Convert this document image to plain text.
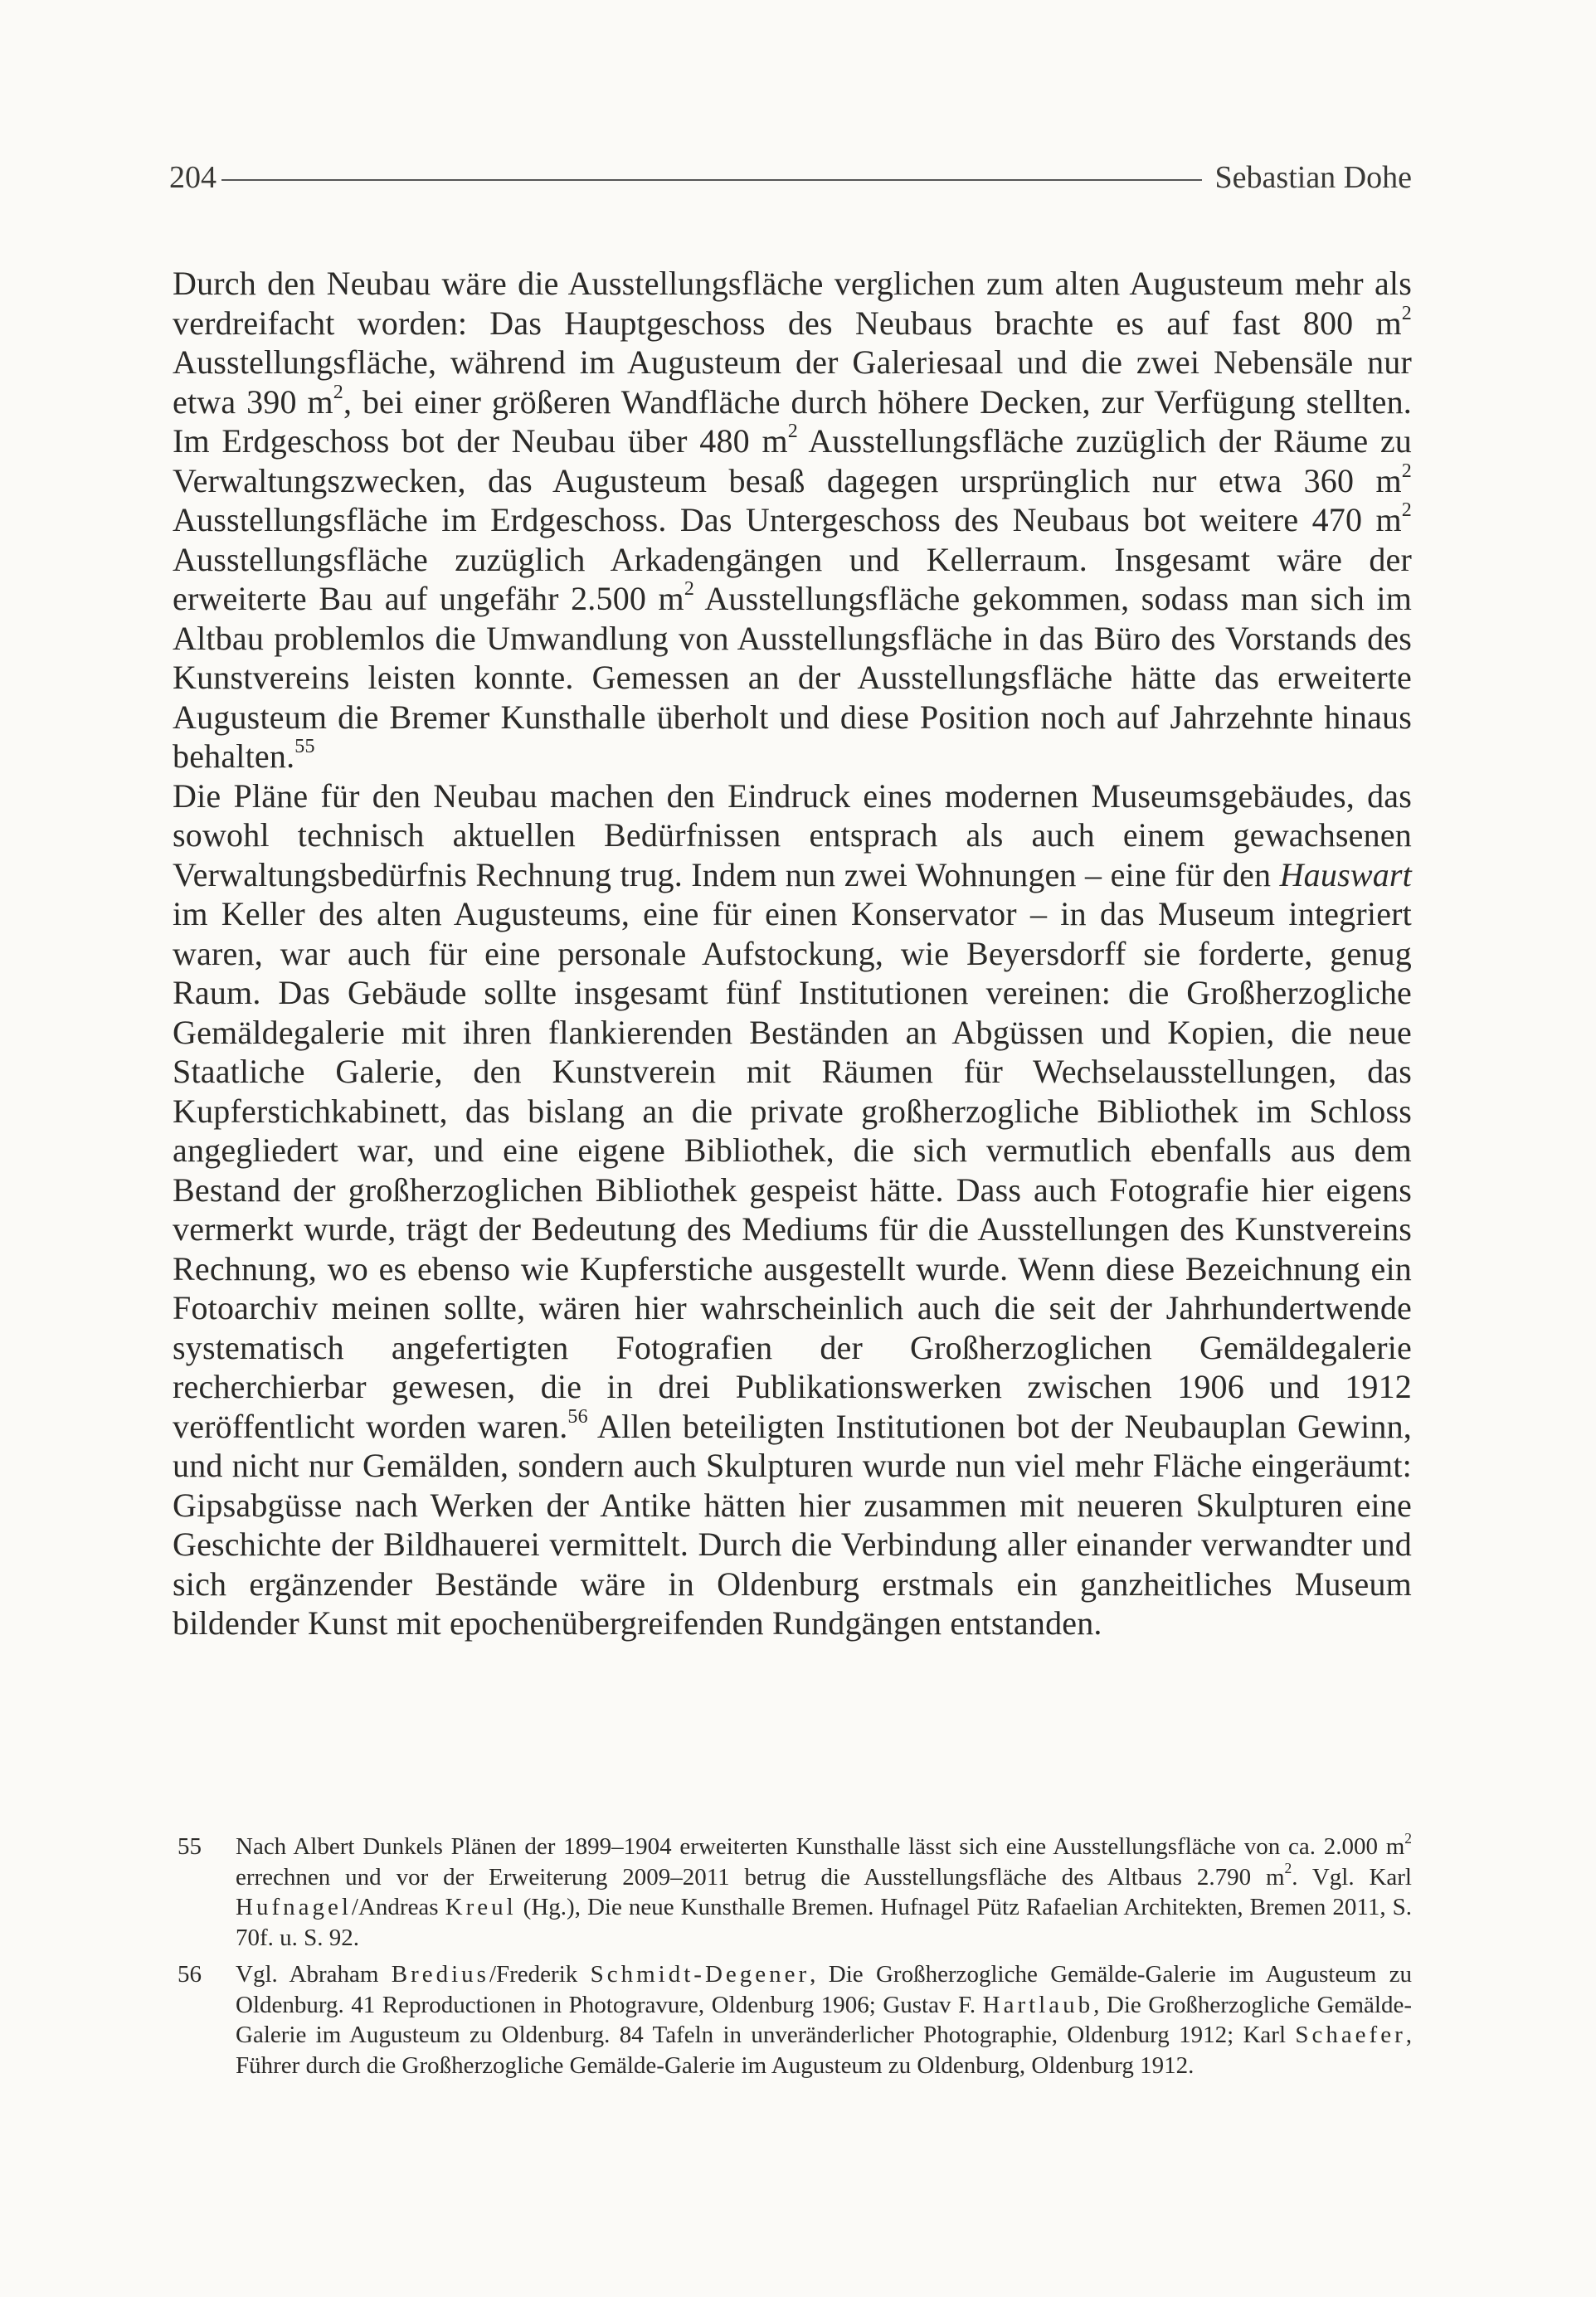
204	Sebastian Dohe

Durch den Neubau wäre die Ausstellungsfläche verglichen zum alten Augusteum mehr als verdreifacht worden: Das Hauptgeschoss des Neubaus brachte es auf fast 800 $m^2$ Ausstellungsfläche, während im Augusteum der Galeriesaal und die zwei Nebensäle nur etwa 390 $m^2$, bei einer größeren Wandfläche durch höhere Decken, zur Verfügung stellten. Im Erdgeschoss bot der Neubau über 480 $m^2$ Ausstellungsfläche zuzüglich der Räume zu Verwaltungszwecken, das Augusteum besaß dagegen ursprünglich nur etwa 360 $m^2$ Ausstellungsfläche im Erdgeschoss. Das Untergeschoss des Neubaus bot weitere 470 $m^2$ Ausstellungsfläche zuzüglich Arkadengängen und Kellerraum. Insgesamt wäre der erweiterte Bau auf ungefähr 2.500 $m^2$ Ausstellungsfläche gekommen, sodass man sich im Altbau problemlos die Umwandlung von Ausstellungsfläche in das Büro des Vorstands des Kunstvereins leisten konnte. Gemessen an der Ausstellungsfläche hätte das erweiterte Augusteum die Bremer Kunsthalle überholt und diese Position noch auf Jahrzehnte hinaus behalten.$^{55}$

Die Pläne für den Neubau machen den Eindruck eines modernen Museumsgebäudes, das sowohl technisch aktuellen Bedürfnissen entsprach als auch einem gewachsenen Verwaltungsbedürfnis Rechnung trug. Indem nun zwei Wohnungen – eine für den Hauswart im Keller des alten Augusteums, eine für einen Konservator – in das Museum integriert waren, war auch für eine personale Aufstockung, wie Beyersdorff sie forderte, genug Raum. Das Gebäude sollte insgesamt fünf Institutionen vereinen: die Großherzogliche Gemäldegalerie mit ihren flankierenden Beständen an Abgüssen und Kopien, die neue Staatliche Galerie, den Kunstverein mit Räumen für Wechselausstellungen, das Kupferstichkabinett, das bislang an die private großherzogliche Bibliothek im Schloss angegliedert war, und eine eigene Bibliothek, die sich vermutlich ebenfalls aus dem Bestand der großherzoglichen Bibliothek gespeist hätte. Dass auch Fotografie hier eigens vermerkt wurde, trägt der Bedeutung des Mediums für die Ausstellungen des Kunstvereins Rechnung, wo es ebenso wie Kupferstiche ausgestellt wurde. Wenn diese Bezeichnung ein Fotoarchiv meinen sollte, wären hier wahrscheinlich auch die seit der Jahrhundertwende systematisch angefertigten Fotografien der Großherzoglichen Gemäldegalerie recherchierbar gewesen, die in drei Publikationswerken zwischen 1906 und 1912 veröffentlicht worden waren.$^{56}$ Allen beteiligten Institutionen bot der Neubauplan Gewinn, und nicht nur Gemälden, sondern auch Skulpturen wurde nun viel mehr Fläche eingeräumt: Gipsabgüsse nach Werken der Antike hätten hier zusammen mit neueren Skulpturen eine Geschichte der Bildhauerei vermittelt. Durch die Verbindung aller einander verwandter und sich ergänzender Bestände wäre in Oldenburg erstmals ein ganzheitliches Museum bildender Kunst mit epochenübergreifenden Rundgängen entstanden.

55	Nach Albert Dunkels Plänen der 1899–1904 erweiterten Kunsthalle lässt sich eine Ausstellungsfläche von ca. 2.000 $m^2$ errechnen und vor der Erweiterung 2009–2011 betrug die Ausstellungsfläche des Altbaus 2.790 $m^2$. Vgl. Karl Hufnagel/Andreas Kreul (Hg.), Die neue Kunsthalle Bremen. Hufnagel Pütz Rafaelian Architekten, Bremen 2011, S. 70f. u. S. 92.
56	Vgl. Abraham Bredius/Frederik Schmidt-Degener, Die Großherzogliche Gemälde-Galerie im Augusteum zu Oldenburg. 41 Reproductionen in Photogravure, Oldenburg 1906; Gustav F. Hartlaub, Die Großherzogliche Gemälde-Galerie im Augusteum zu Oldenburg. 84 Tafeln in unveränderlicher Photographie, Oldenburg 1912; Karl Schaefer, Führer durch die Großherzogliche Gemälde-Galerie im Augusteum zu Oldenburg, Oldenburg 1912.
